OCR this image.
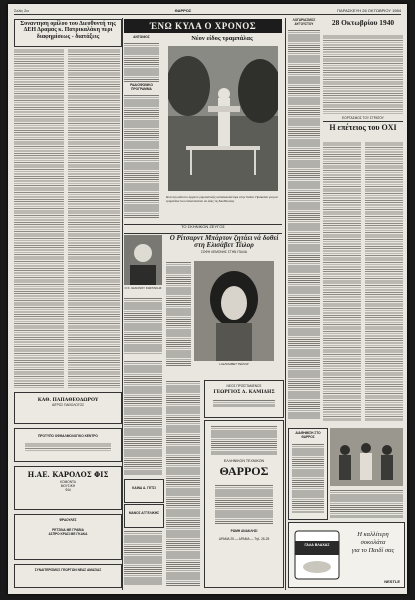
Σελίς 2α	ΘΑΡΡΟΣ	ΠΑΡΑΣΚΕΥΗ 26 ΟΚΤΩΒΡΙΟΥ 1984
Συναντηση ομίλου του Διευθυντή της ΔΕΗ Δραμας κ. Πατρικαλάκη περι διαφημίσεως - διατάξεις
ΚΑΘ. ΠΑΠΑΘΕΟΔΩΡΟΥ
ΙΑΤΡΟΣ ΠΑΘΟΛΟΓΟΣ
ΠΡΟΤΥΠΟ ΟΦΘΑΛΜΟΛΟΓΙΚΟ ΚΕΝΤΡΟ
Η.ΑΕ. ΚΑΡΟΛΟΣ ΦΙΣ
ΚΟΜΟΝΤΑ
ΜΟΥΣΙΚΗ
ΦΑΙ
ΦΡΑΟΥΛΕΣ
ΡΕΤΣΙΝΑ ΜΕ ΓΡΑΒΙΑ
ΑΣΠΡΟ ΚΡΑΣΙ ΜΕ ΓΚΑΚΑ
ΣΥΝΑΙΤΕΡΙΣΜΟΣ ΓΕΩΡΓΩΝ ΝΕΑΣ ΑΜΑΣΙΑΣ
ΈΝΩ ΚΥΛΑ Ο ΧΡΟΝΟΣ
ΑΝΤΩΝΙΟΣ
ΡΑΔΙΟΦΩΝΙΚΟ ΠΡΟΓΡΑΜΜΑ
Νέον είδος τραμπάλας
Ένα πρωτότυπο όργανο γυμναστικής κατασκευάστηκε στην Ιταλία. Πρόκειται για μια τραμπάλα που ταλαντεύεται σε όλες τις διευθύνσεις.
ΤΟ ΣΚΗΝΙΚΟΝ ΖΕΥΓΟΣ
Ο Κ. ΙΩΑΝΝΟΥ ΚΩΣΤΑΚΗΣ
Ο Ρίτσαρντ Μπάρτον ζητάει νά δοθεί στη Ελισάβετ Τέιλορ
ΣΟΦΗ ΛΕΜΟΝΗΣ ΣΤΗΝ ΙΤΑΛΙΑ
Η ΕΛΙΣΑΒΕΤ ΤΕΪΛΟΡ
ΝΕΟΣ ΠΡΟΪΣΤΑΜΕΝΟΣ
ΓΕΩΡΓΙΟΣ Δ. ΚΑΜΙΔΗΣ
ΚΑΙΝΑ Α. ΓΕΤΣΙ
ΜΑΝΟΣ ΑΓΓΕΛΙΚΗΣ
ΕΛΛΗΝΙΚΟΝ ΤΕΧΝΙΚΟΝ
ΘΑΡΡΟΣ
ΡΩΜΗ ΑΝΑΚΛΗΣΙ
ΔΡΑΜΑ 25 — ΔΡΑΜΑ — Τηλ. 26-25
ΛΟΓΑΡΙΑΣΜΟΣ ΑΥΓΟΥΣΤΟΥ	28 Οκτωβρίου 1940
ΕΟΡΤΑΣΜΟΣ ΤΟΥ ΣΤΡΑΤΟΥ
Η επέτειος του ΟΧΙ
ΔΙΑΦΗΜΙΣΗ ΣΤΟ ΘΑΡΡΟΣ
ΓΑΛΑ ΒΛΑΧΑΣ
Η καλλίτερη
σοκολάτα
για το Παιδί σας
NESTLE
